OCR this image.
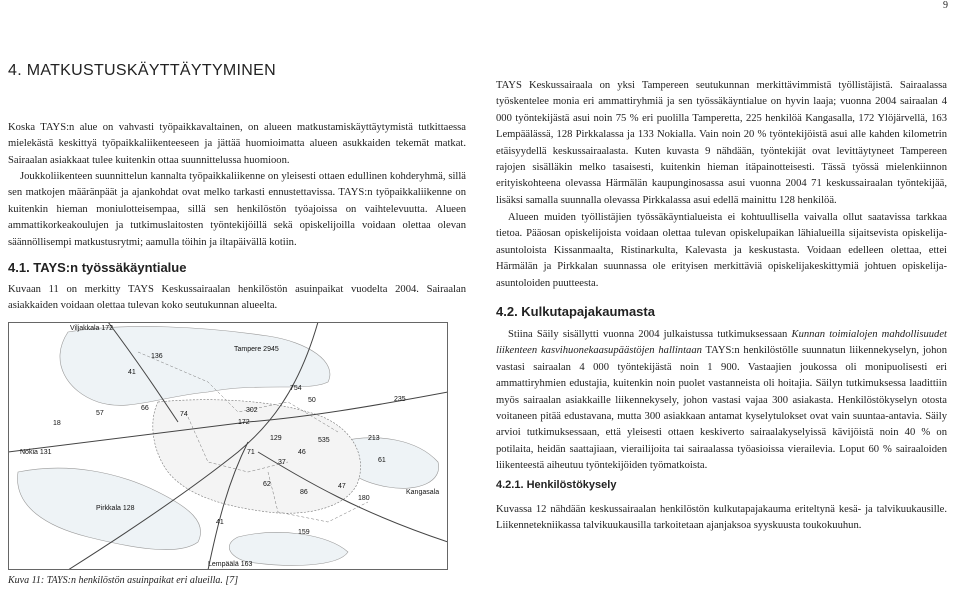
9
4. MATKUSTUSKÄYTTÄYTYMINEN

Koska TAYS:n alue on vahvasti työpaikkavaltainen, on alueen matkustamiskäyttäytymistä tutkittaessa mielekästä keskittyä työpaikkaliikenteeseen ja jättää huomioimatta alueen asukkaiden tekemät matkat. Sairaalan asiakkaat tulee kuitenkin ottaa suunnittelussa huomioon.

Joukkoliikenteen suunnittelun kannalta työpaikkaliikenne on yleisesti ottaen edullinen kohderyhmä, sillä sen matkojen määränpäät ja ajankohdat ovat melko tarkasti ennustettavissa. TAYS:n työpaikkaliikenne on kuitenkin hieman moniulotteisempaa, sillä sen henkilöstön työajoissa on vaihtelevuutta. Alueen ammattikorkeakoulujen ja tutkimuslaitosten työntekijöillä sekä opiskelijoilla voidaan olettaa olevan säännöllisempi matkustusrytmi; aamulla töihin ja iltapäivällä kotiin.

4.1. TAYS:n työssäkäyntialue

Kuvaan 11 on merkitty TAYS Keskussairaalan henkilöstön asuinpaikat vuodelta 2004. Sairaalan asiakkaiden voidaan olettaa tulevan koko seutukunnan alueelta.

Viljakkala 172
Tampere 2945
Nokia 131
Pirkkala 128
Lempäälä 163
Kangasala
136
41
66
57
18
74
172
302
129
754
50	235
535	213
46
61
37
62
86
180
41
159
71
47
Kuva 11: TAYS:n henkilöstön asuinpaikat eri alueilla. [7]

TAYS Keskussairaala on yksi Tampereen seutukunnan merkittävimmistä työllistäjistä. Sairaalassa työskentelee monia eri ammattiryhmiä ja sen työssäkäyntialue on hyvin laaja; vuonna 2004 sairaalan 4 000 työntekijästä asui noin 75 % eri puolilla Tamperetta, 225 henkilöä Kangasalla, 172 Ylöjärvellä, 163 Lempäälässä, 128 Pirkkalassa ja 133 Nokialla. Vain noin 20 % työntekijöistä asui alle kahden kilometrin etäisyydellä keskussairaalasta. Kuten kuvasta 9 nähdään, työntekijät ovat levittäytyneet Tampereen rajojen sisälläkin melko tasaisesti, kuitenkin hieman itäpainotteisesti. Tässä työssä mielenkiinnon erityiskohteena olevassa Härmälän kaupunginosassa asui vuonna 2004 71 keskussairaalan työntekijää, lisäksi samalla suunnalla olevassa Pirkkalassa asui edellä mainittu 128 henkilöä.

Alueen muiden työllistäjien työssäkäyntialueista ei kohtuullisella vaivalla ollut saatavissa tarkkaa tietoa. Pääosan opiskelijoista voidaan olettaa tulevan opiskelupaikan lähialueilla sijaitsevista opiskelija-asuntoloista Kissanmaalta, Ristinarkulta, Kalevasta ja keskustasta. Voidaan edelleen olettaa, ettei Härmälän ja Pirkkalan suunnassa ole erityisen merkittäviä opiskelijakeskittymiä johtuen opiskelija-asuntoloiden puutteesta.

4.2. Kulkutapajakaumasta

Stiina Säily sisällytti vuonna 2004 julkaistussa tutkimuksessaan Kunnan toimialojen mahdollisuudet liikenteen kasvihuonekaasupäästöjen hallintaan TAYS:n henkilöstölle suunnatun liikennekyselyn, johon vastasi sairaalan 4 000 työntekijästä noin 1 900. Vastaajien joukossa oli monipuolisesti eri ammattiryhmien edustajia, kuitenkin noin puolet vastanneista oli hoitajia. Säilyn tutkimuksessa laadittiin myös sairaalan asiakkaille liikennekysely, johon vastasi vajaa 300 asiakasta. Henkilöstökyselyn otosta voitaneen pitää edustavana, mutta 300 asiakkaan antamat kyselytulokset ovat vain suuntaa-antavia. Säily arvioi tutkimuksessaan, että yleisesti ottaen keskiverto sairaalakyselyissä kävijöistä noin 40 % on potilaita, heidän saattajiaan, vierailijoita tai sairaalassa työasioissa vierailevia. Loput 60 % sairaaloiden liikenteestä aiheutuu työntekijöiden työmatkoista.

4.2.1. Henkilöstökysely

Kuvassa 12 nähdään keskussairaalan henkilöstön kulkutapajakauma eriteltynä kesä- ja talvikuukausille. Liikennetekniikassa talvikuukausilla tarkoitetaan ajanjaksoa syyskuusta toukokuuhun.
